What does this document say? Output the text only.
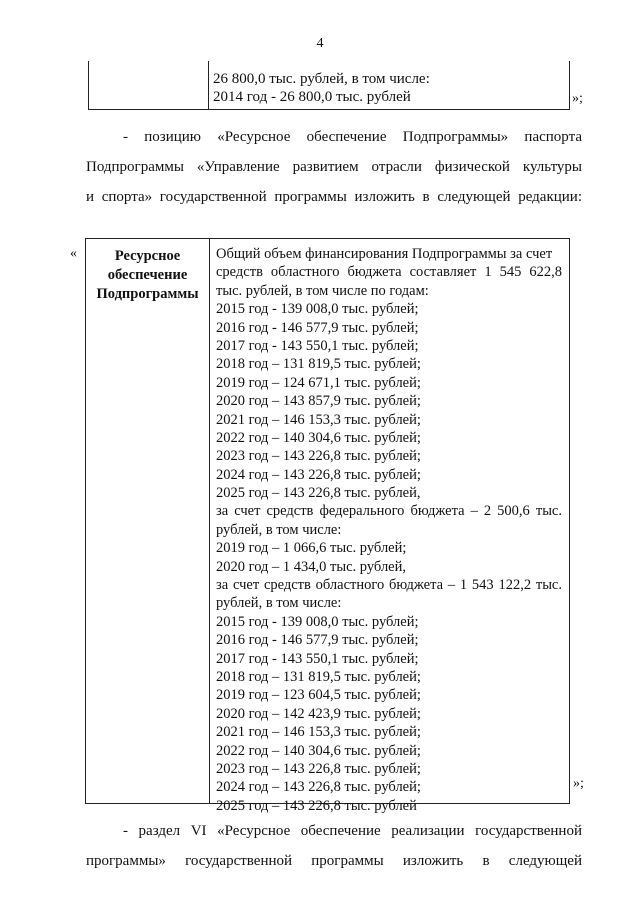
4
26 800,0 тыс. рублей, в том числе:
2014 год - 26 800,0 тыс. рублей	»;
- позицию «Ресурсное обеспечение Подпрограммы» паспорта
Подпрограммы «Управление развитием отрасли физической культуры
и спорта» государственной программы изложить в следующей редакции:
«	Ресурсное
обеспечение
Подпрограммы
Общий объем финансирования Подпрограммы за счет
средств областного бюджета составляет 1 545 622,8
тыс. рублей, в том числе по годам:
2015 год - 139 008,0 тыс. рублей;
2016 год - 146 577,9 тыс. рублей;
2017 год - 143 550,1 тыс. рублей;
2018 год – 131 819,5 тыс. рублей;
2019 год – 124 671,1 тыс. рублей;
2020 год – 143 857,9 тыс. рублей;
2021 год – 146 153,3 тыс. рублей;
2022 год – 140 304,6 тыс. рублей;
2023 год – 143 226,8 тыс. рублей;
2024 год – 143 226,8 тыс. рублей;
2025 год – 143 226,8 тыс. рублей,
за счет средств федерального бюджета – 2 500,6 тыс.
рублей, в том числе:
2019 год – 1 066,6 тыс. рублей;
2020 год – 1 434,0 тыс. рублей,
за счет средств областного бюджета – 1 543 122,2 тыс.
рублей, в том числе:
2015 год - 139 008,0 тыс. рублей;
2016 год - 146 577,9 тыс. рублей;
2017 год - 143 550,1 тыс. рублей;
2018 год – 131 819,5 тыс. рублей;
2019 год – 123 604,5 тыс. рублей;
2020 год – 142 423,9 тыс. рублей;
2021 год – 146 153,3 тыс. рублей;
2022 год – 140 304,6 тыс. рублей;
2023 год – 143 226,8 тыс. рублей;
2024 год – 143 226,8 тыс. рублей;
2025 год – 143 226,8 тыс. рублей
»;
- раздел VI «Ресурсное обеспечение реализации государственной
программы» государственной программы изложить в следующей
